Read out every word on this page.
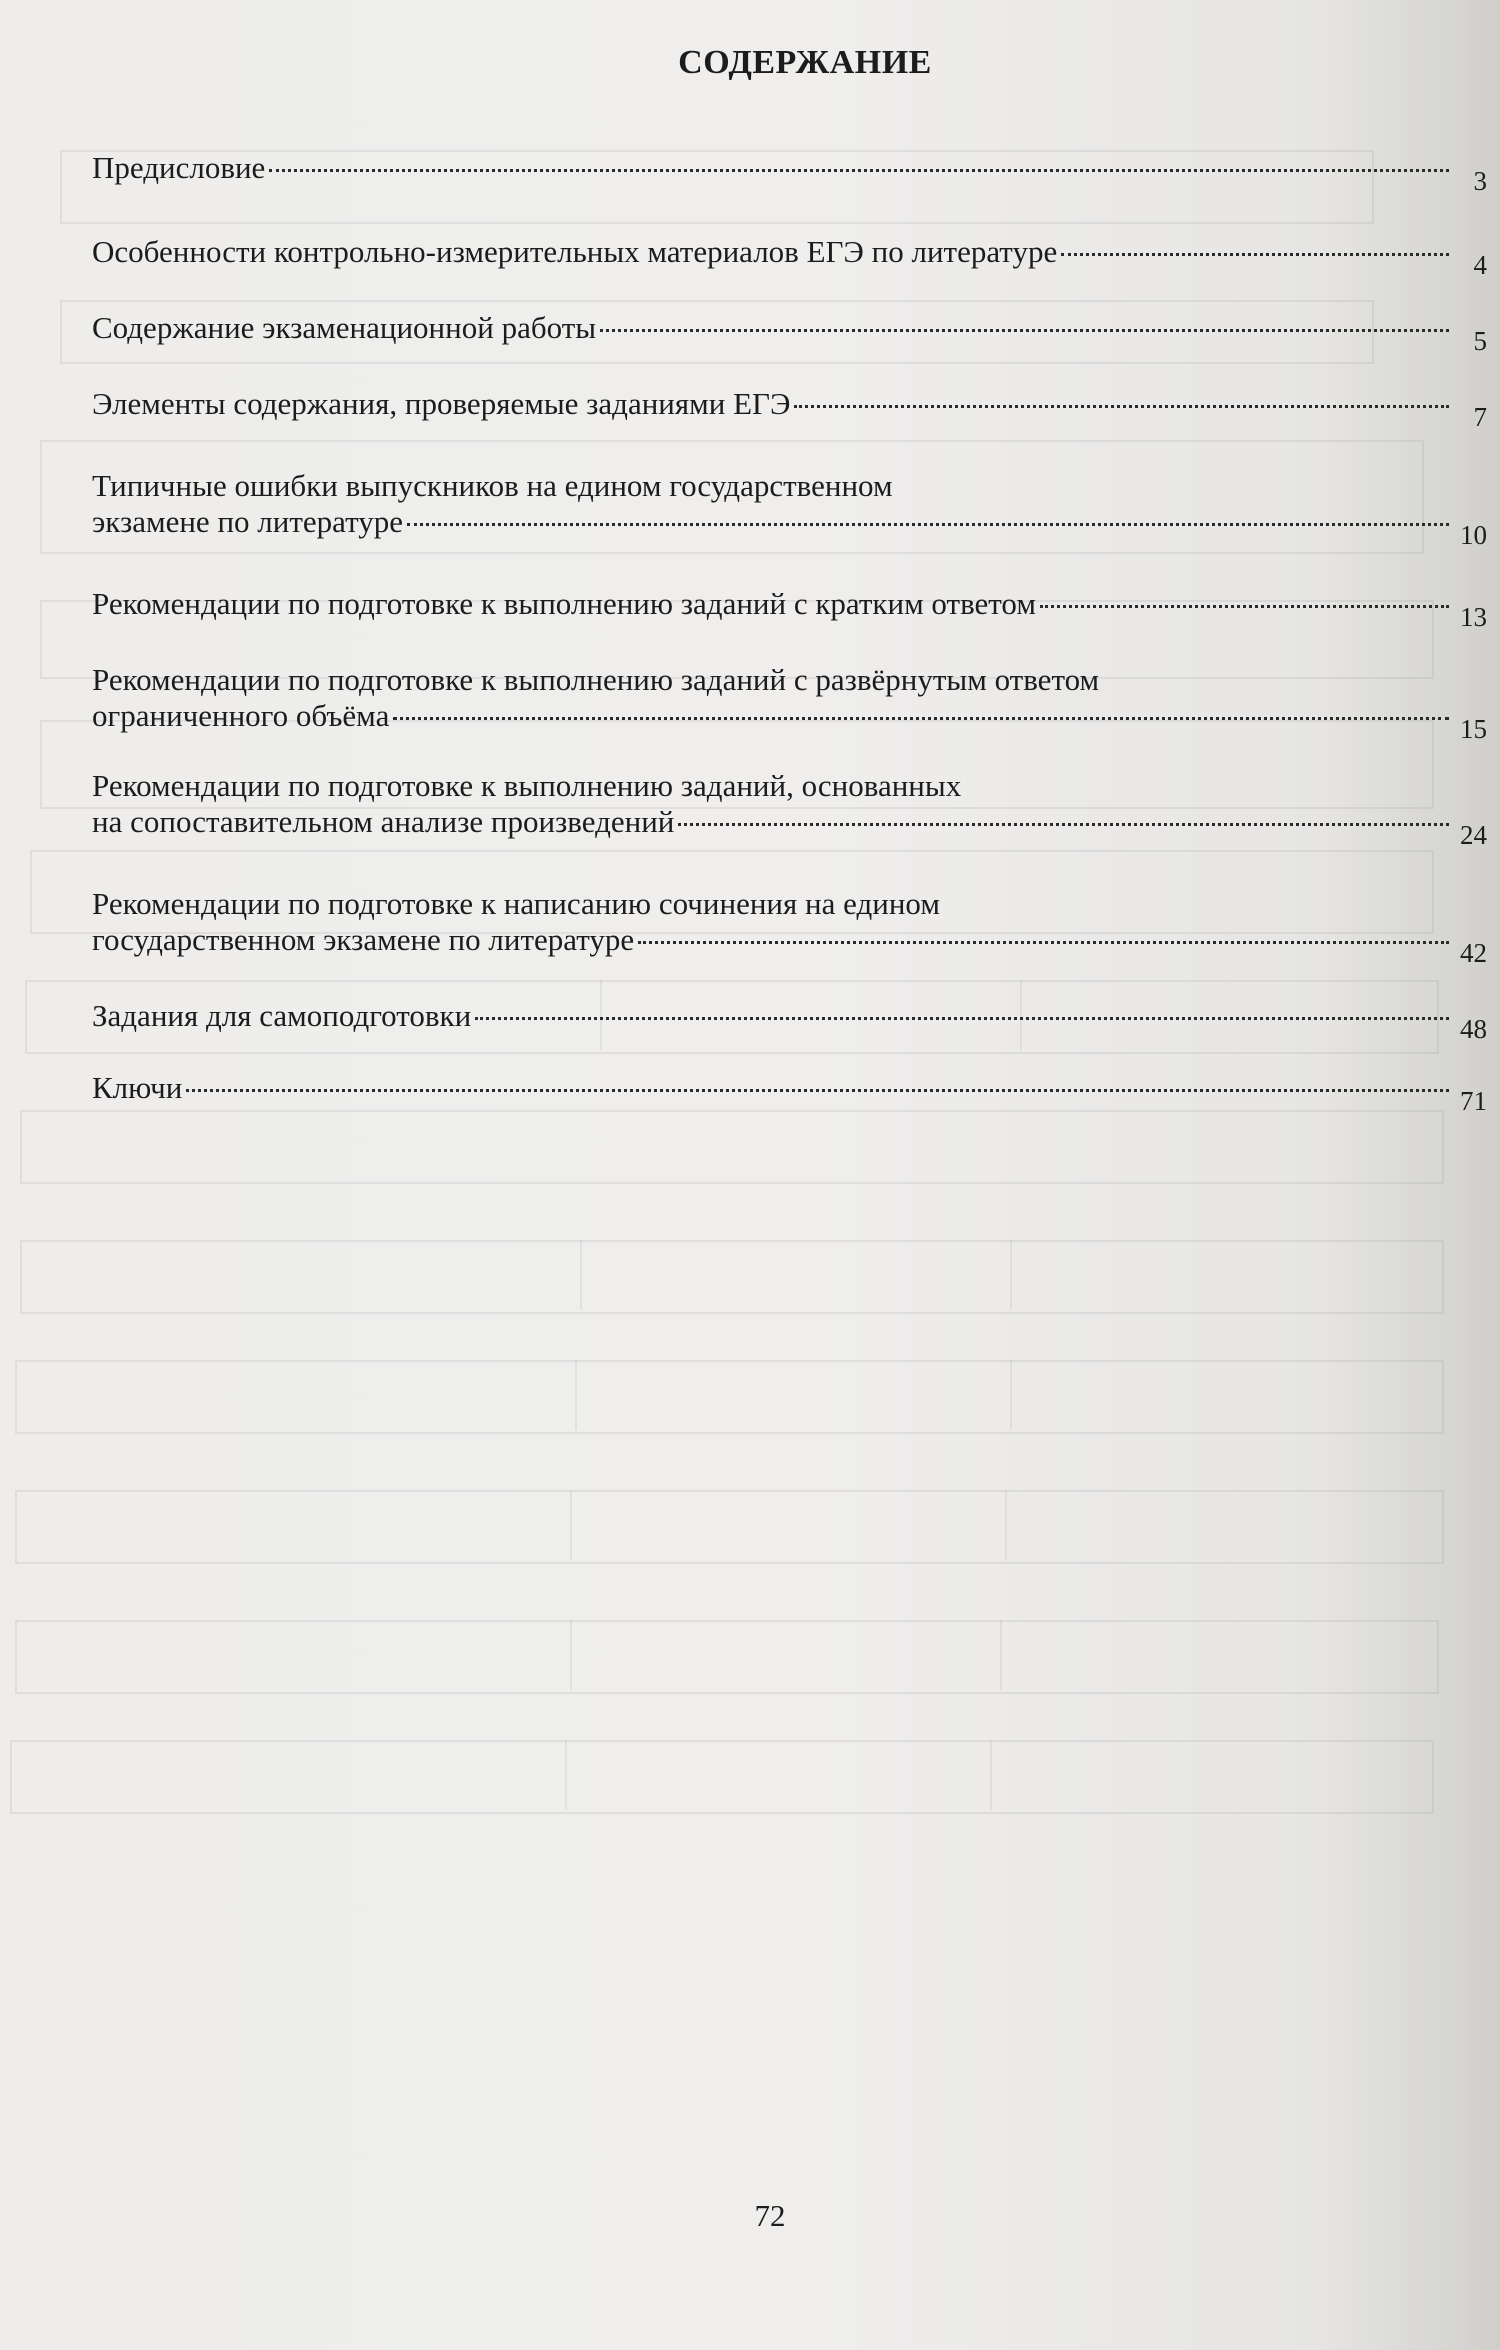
СОДЕРЖАНИЕ
Предисловие	3
Особенности контрольно-измерительных материалов ЕГЭ по литературе	4
Содержание экзаменационной работы	5
Элементы содержания, проверяемые заданиями ЕГЭ	7
Типичные ошибки выпускников на едином государственном
экзамене по литературе	10
Рекомендации по подготовке к выполнению заданий с кратким ответом	13
Рекомендации по подготовке к выполнению заданий с развёрнутым ответом
ограниченного объёма	15
Рекомендации по подготовке к выполнению заданий, основанных
на сопоставительном анализе произведений	24
Рекомендации по подготовке к написанию сочинения на едином
государственном экзамене по литературе	42
Задания для самоподготовки	48
Ключи	71
72
